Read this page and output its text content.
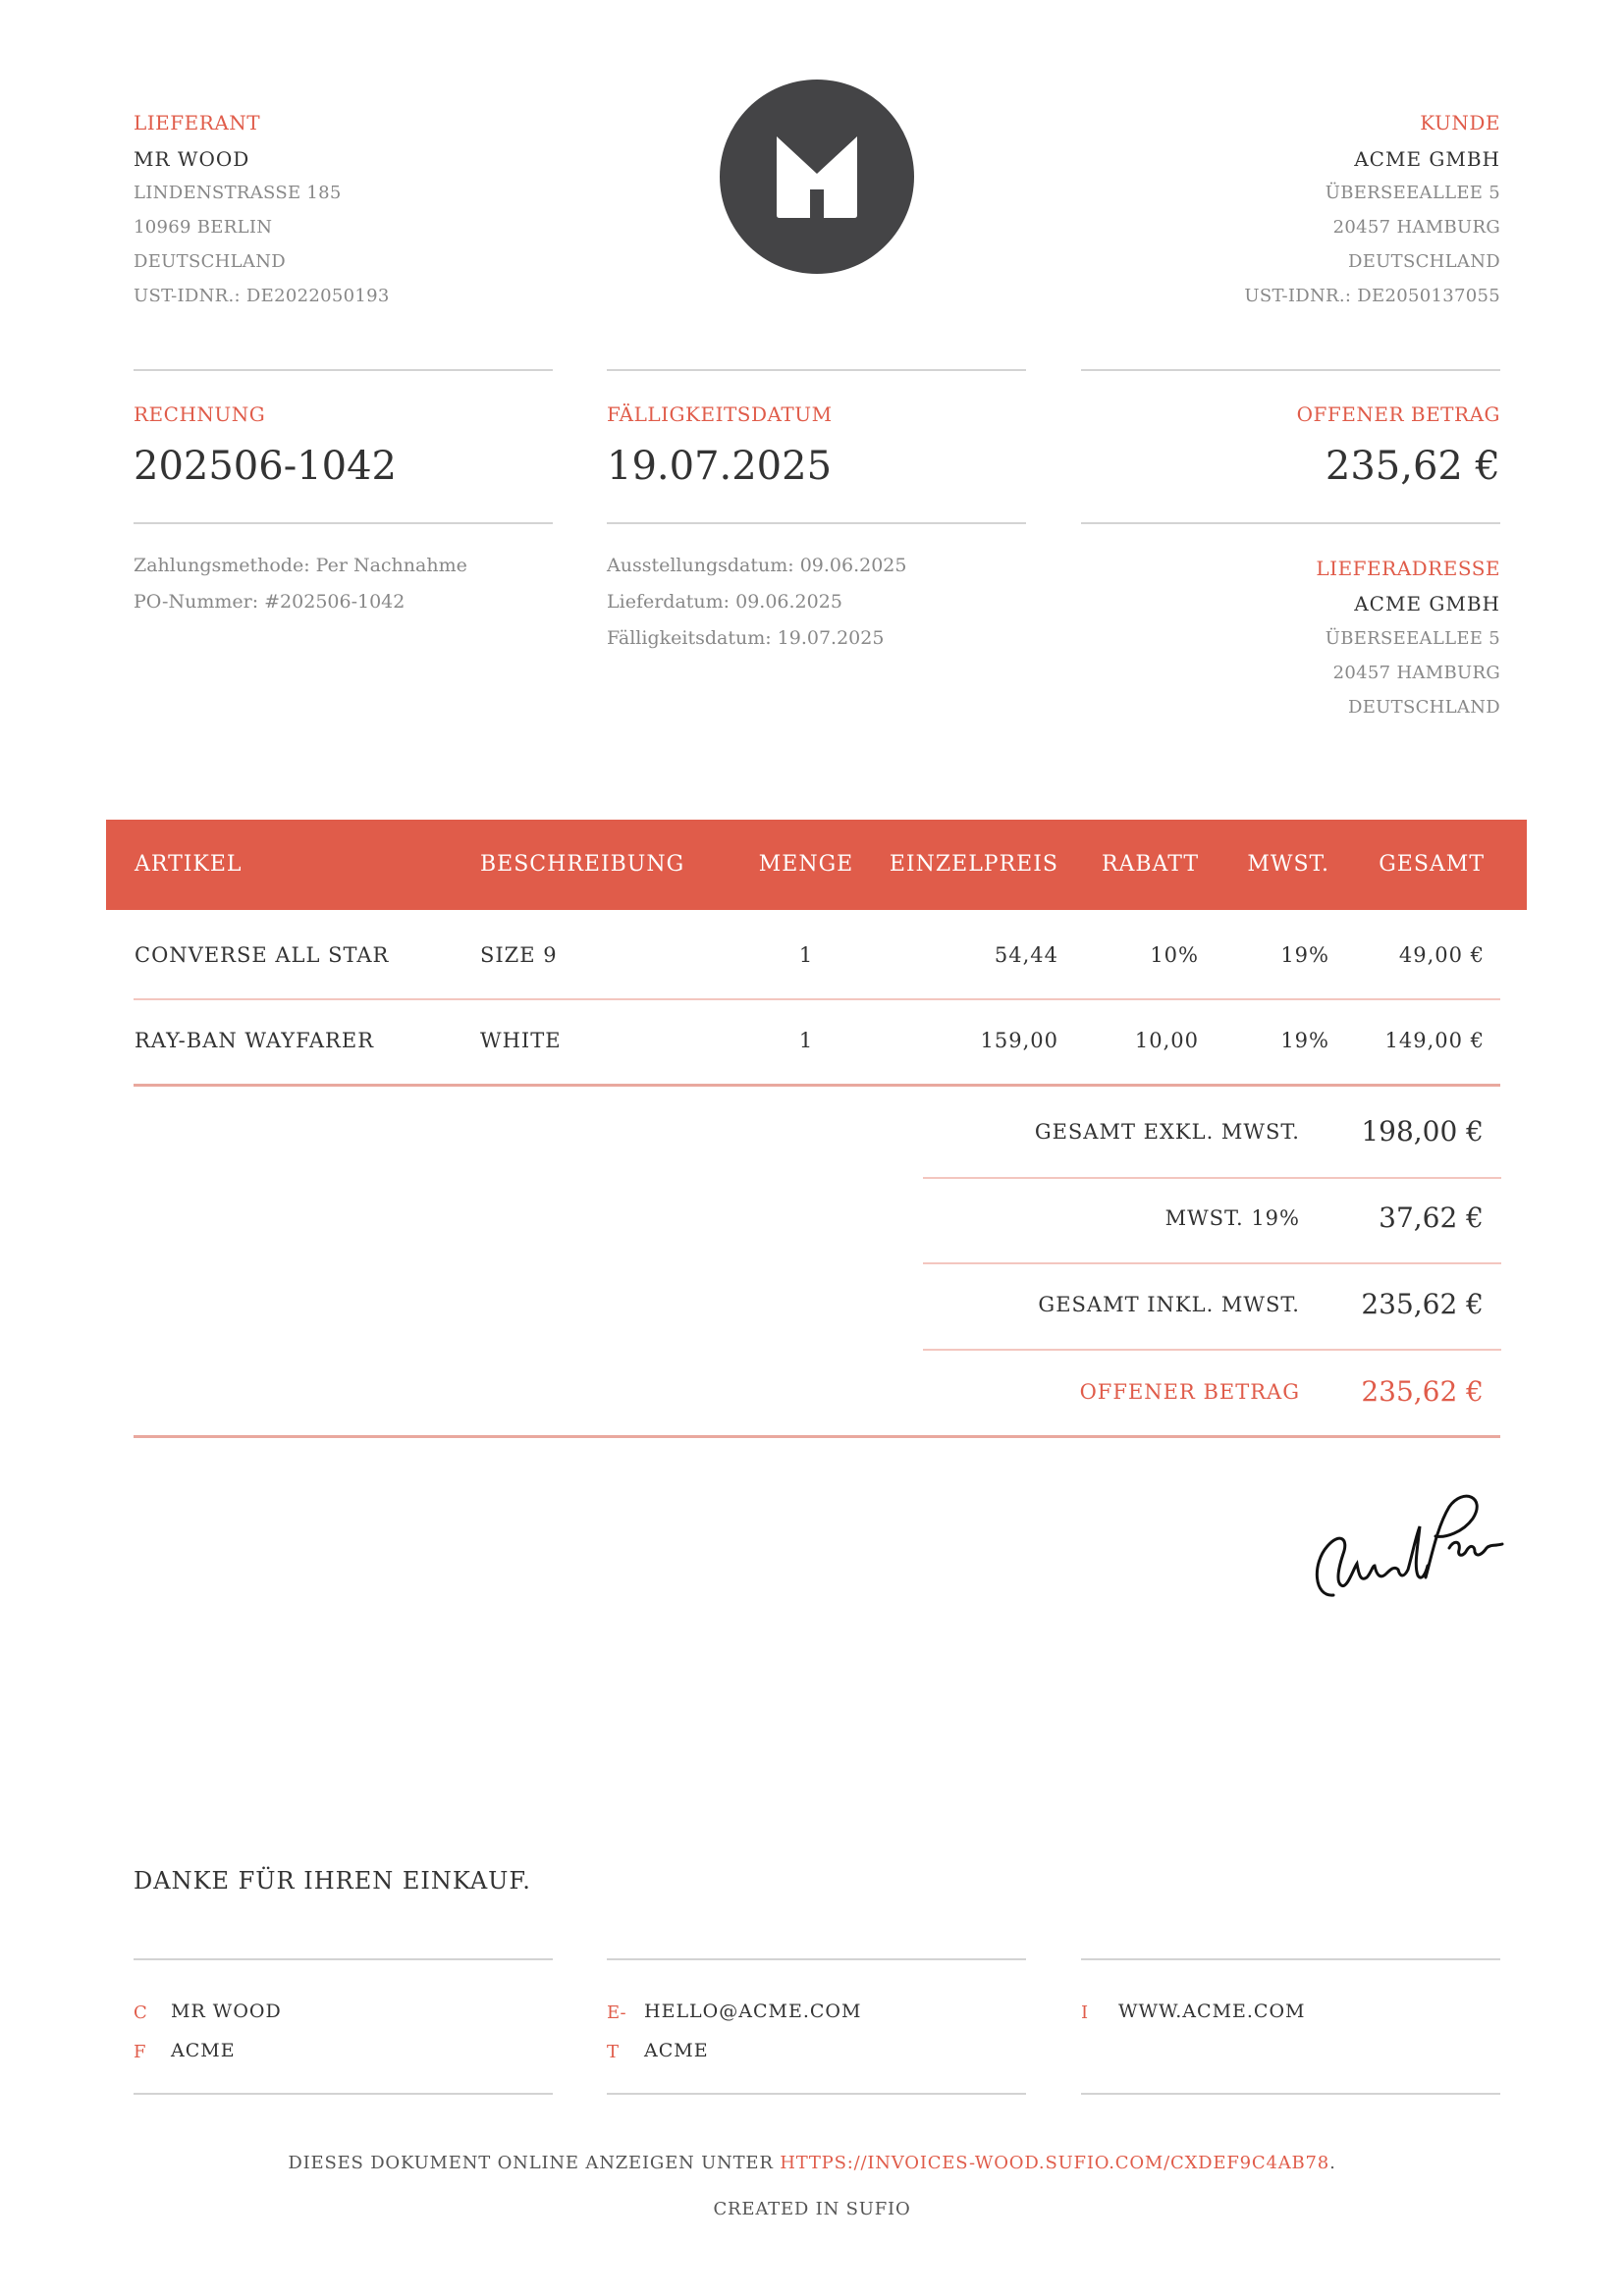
LIEFERANT
MR WOOD
LINDENSTRASSE 185
10969 BERLIN
DEUTSCHLAND
UST-IDNR.: DE2022050193
KUNDE
ACME GMBH
ÜBERSEEALLEE 5
20457 HAMBURG
DEUTSCHLAND
UST-IDNR.: DE2050137055
RECHNUNG
202506-1042
FÄLLIGKEITSDATUM
19.07.2025
OFFENER BETRAG
235,62 €
Zahlungsmethode: Per Nachnahme
PO-Nummer: #202506-1042
Ausstellungsdatum: 09.06.2025
Lieferdatum: 09.06.2025
Fälligkeitsdatum: 19.07.2025
LIEFERADRESSE
ACME GMBH
ÜBERSEEALLEE 5
20457 HAMBURG
DEUTSCHLAND
ARTIKEL	BESCHREIBUNG	MENGE	EINZELPREIS	RABATT	MWST.	GESAMT
CONVERSE ALL STAR	SIZE 9	1	54,44	10%	19%	49,00 €
RAY-BAN WAYFARER	WHITE	1	159,00	10,00	19%	149,00 €
GESAMT EXKL. MWST.	198,00 €
MWST. 19%	37,62 €
GESAMT INKL. MWST.	235,62 €
OFFENER BETRAG	235,62 €
DANKE FÜR IHREN EINKAUF.
C MR WOOD
F ACME
E- HELLO@ACME.COM
T ACME
I WWW.ACME.COM
DIESES DOKUMENT ONLINE ANZEIGEN UNTER HTTPS://INVOICES-WOOD.SUFIO.COM/CXDEF9C4AB78.
CREATED IN SUFIO
